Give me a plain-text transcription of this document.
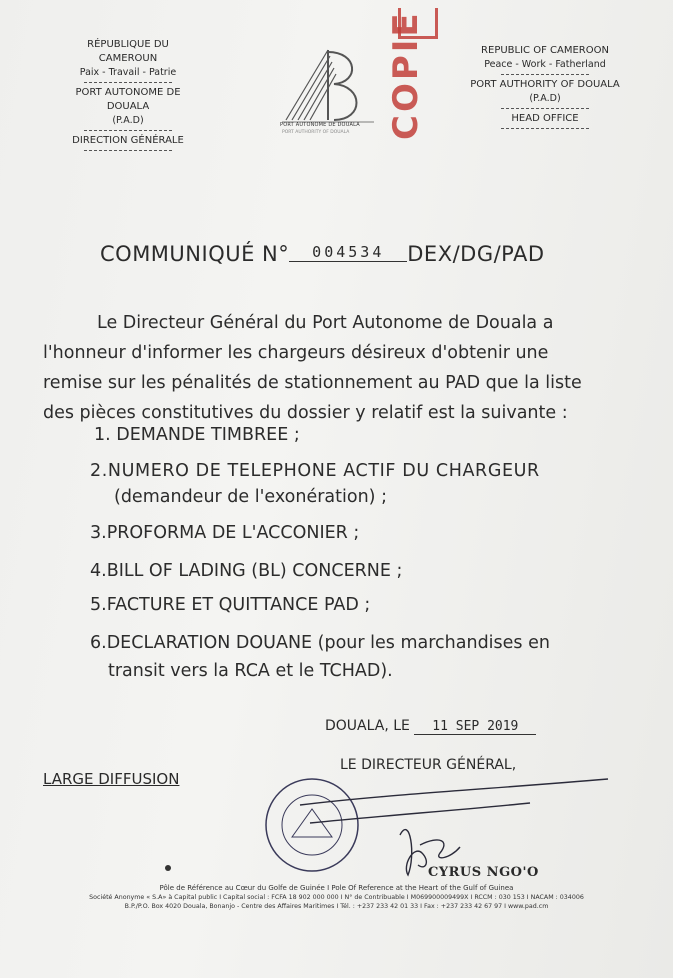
RÉPUBLIQUE DU CAMEROUN
Paix - Travail - Patrie
PORT AUTONOME DE DOUALA
(P.A.D)
DIRECTION GÉNÉRALE
PORT AUTONOME DE DOUALA
PORT AUTHORITY OF DOUALA COPIE	REPUBLIC OF CAMEROON
Peace - Work - Fatherland
PORT AUTHORITY OF DOUALA
(P.A.D)
HEAD OFFICE
COMMUNIQUÉ N° 004534 DEX/DG/PAD
Le Directeur Général du Port Autonome de Douala a
l'honneur d'informer les chargeurs désireux d'obtenir une
remise sur les pénalités de stationnement au PAD que la liste
des pièces constitutives du dossier y relatif est la suivante :
1. DEMANDE TIMBREE ;
2.NUMERO DE TELEPHONE ACTIF DU CHARGEUR
(demandeur de l'exonération) ;
3.PROFORMA DE L'ACCONIER ;
4.BILL OF LADING (BL) CONCERNE ;
5.FACTURE ET QUITTANCE PAD ;
6.DECLARATION DOUANE (pour les marchandises en
transit vers la RCA et le TCHAD).
DOUALA, LE 11 SEP 2019
LE DIRECTEUR GÉNÉRAL,
LARGE DIFFUSION
CYRUS NGO'O
Pôle de Référence au Cœur du Golfe de Guinée I Pole Of Reference at the Heart of the Gulf of Guinea
Société Anonyme « S.A» à Capital public I Capital social : FCFA 18 902 000 000 I N° de Contribuable I M069900009499X I RCCM : 030 153 I NACAM : 034006
B.P./P.O. Box 4020 Douala, Bonanjo - Centre des Affaires Maritimes I Tél. : +237 233 42 01 33 I Fax : +237 233 42 67 97 I www.pad.cm
